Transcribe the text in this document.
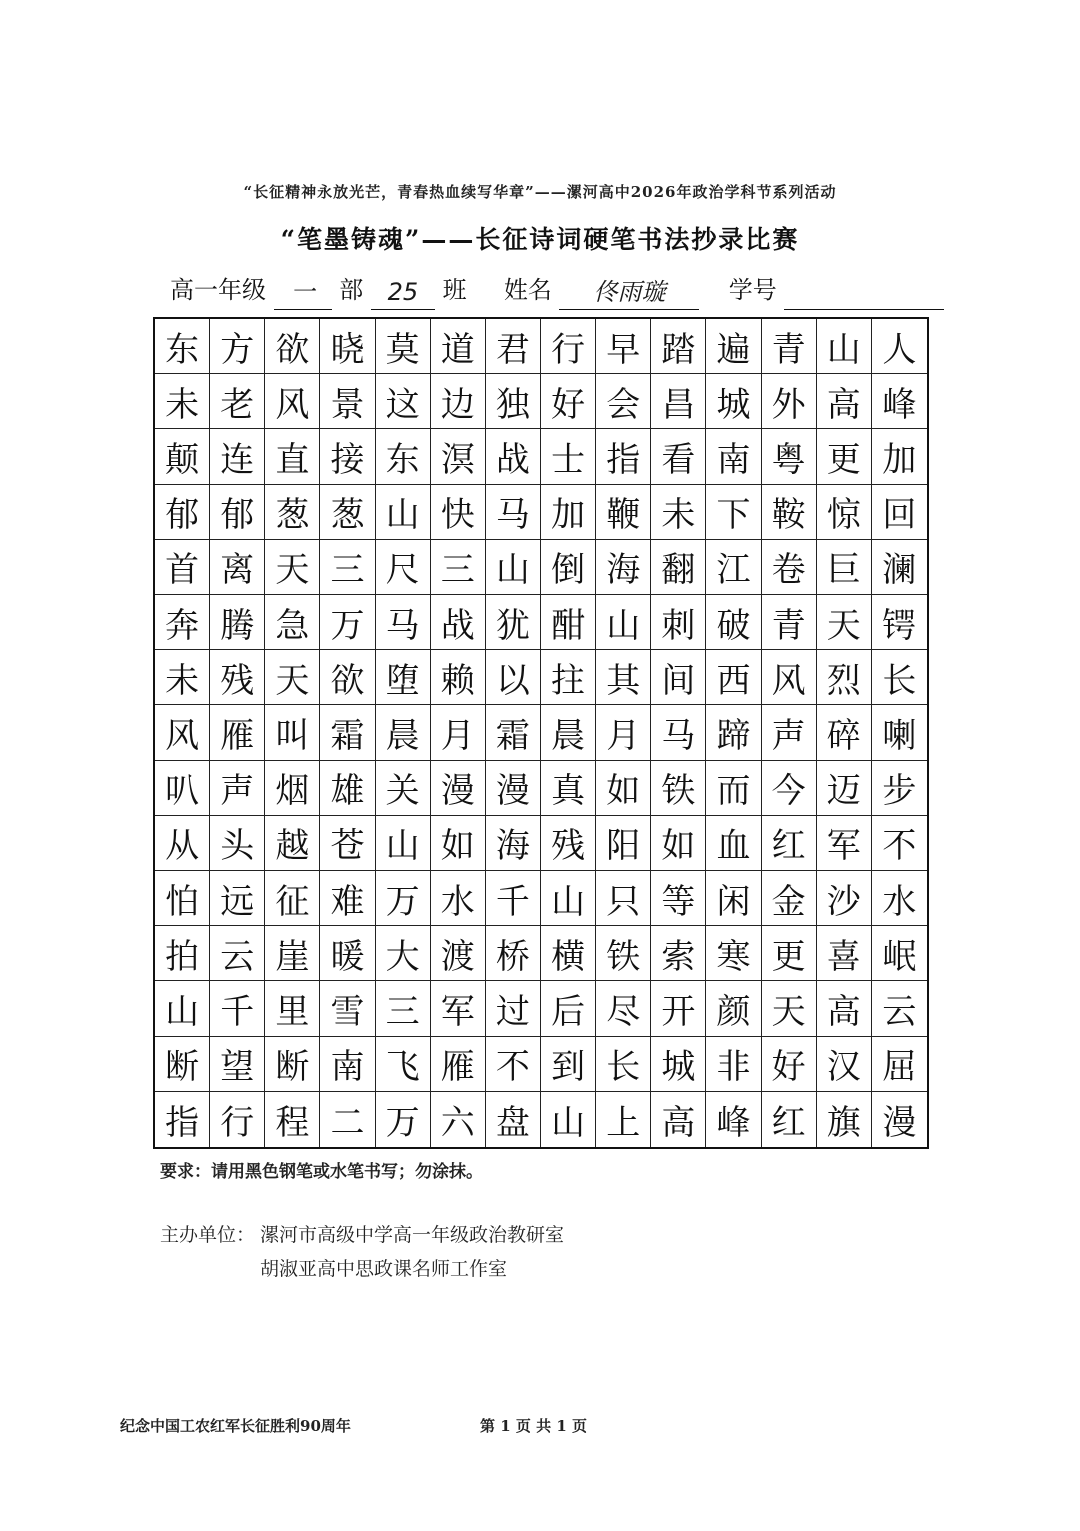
“长征精神永放光芒，青春热血续写华章”——漯河高中2026年政治学科节系列活动
“笔墨铸魂”——长征诗词硬笔书法抄录比赛
高一年级 一 部 25 班 姓名 佟雨璇	学号
东 方 欲 晓 莫 道 君 行 早 踏 遍 青 山 人
未 老 风 景 这 边 独 好 会 昌 城 外 高 峰
颠 连 直 接 东 溟 战 士 指 看 南 粤 更 加
郁 郁 葱 葱 山 快 马 加 鞭 未 下 鞍 惊 回
首 离 天 三 尺 三 山 倒 海 翻 江 卷 巨 澜
奔 腾 急 万 马 战 犹 酣 山 刺 破 青 天 锷
未 残 天 欲 堕 赖 以 拄 其 间 西 风 烈 长
风 雁 叫 霜 晨 月 霜 晨 月 马 蹄 声 碎 喇
叭 声 烟 雄 关 漫 漫 真 如 铁 而 今 迈 步
从 头 越 苍 山 如 海 残 阳 如 血 红 军 不
怕 远 征 难 万 水 千 山 只 等 闲 金 沙 水
拍 云 崖 暖 大 渡 桥 横 铁 索 寒 更 喜 岷
山 千 里 雪 三 军 过 后 尽 开 颜 天 高 云
断 望 断 南 飞 雁 不 到 长 城 非 好 汉 屈
指 行 程 二 万 六 盘 山 上 高 峰 红 旗 漫
要求：请用黑色钢笔或水笔书写；勿涂抹。
主办单位： 漯河市高级中学高一年级政治教研室
胡淑亚高中思政课名师工作室
纪念中国工农红军长征胜利90周年	第 1 页 共 1 页
